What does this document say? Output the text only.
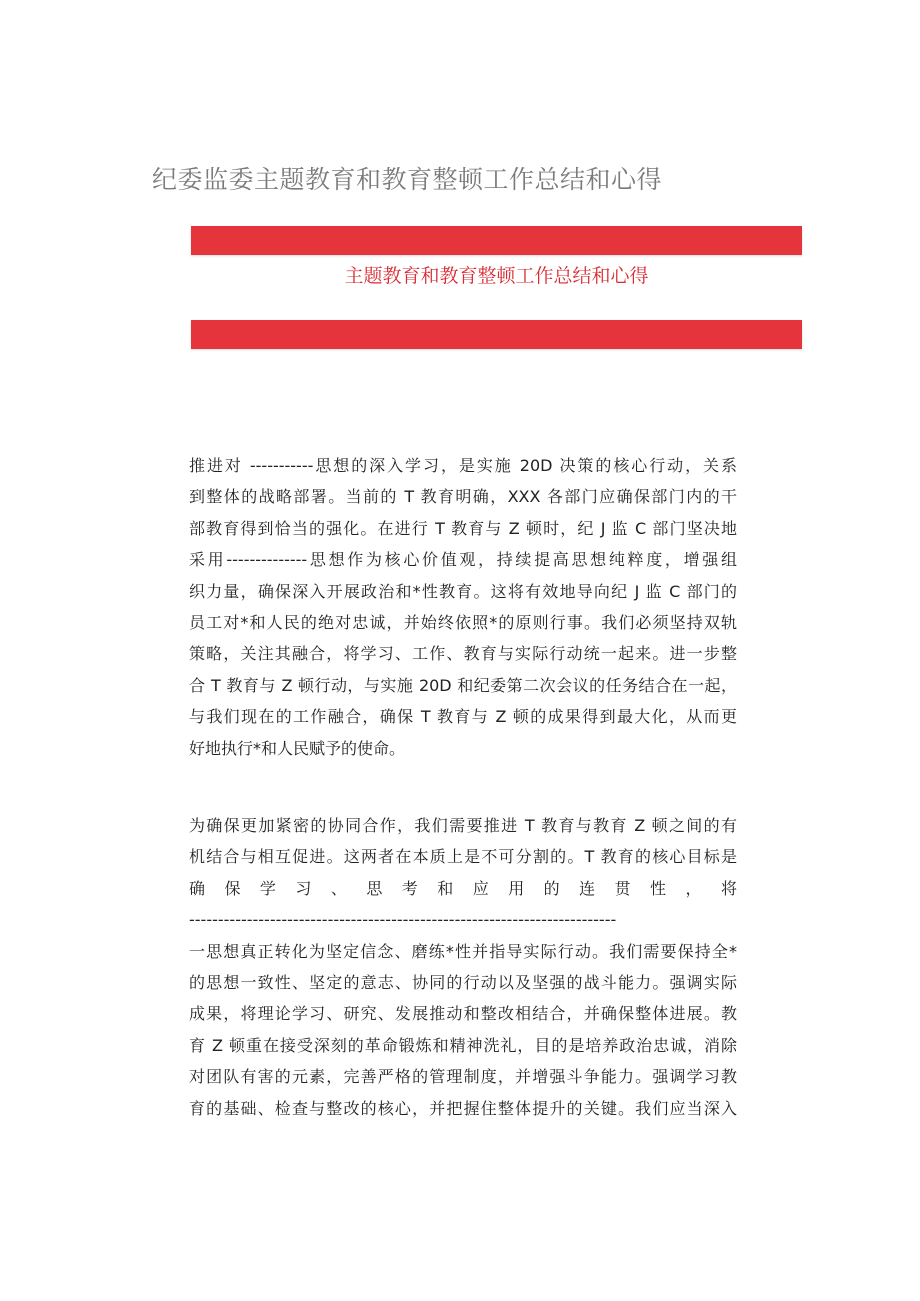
纪委监委主题教育和教育整顿工作总结和心得
主题教育和教育整顿工作总结和心得
推进对 -----------思想的深入学习，是实施 20D 决策的核心行动，关系
到整体的战略部署。当前的 T 教育明确，XXX 各部门应确保部门内的干
部教育得到恰当的强化。在进行 T 教育与 Z 顿时，纪 J 监 C 部门坚决地
采用--------------思想作为核心价值观，持续提高思想纯粹度，增强组
织力量，确保深入开展政治和*性教育。这将有效地导向纪 J 监 C 部门的
员工对*和人民的绝对忠诚，并始终依照*的原则行事。我们必须坚持双轨
策略，关注其融合，将学习、工作、教育与实际行动统一起来。进一步整
合 T 教育与 Z 顿行动，与实施 20D 和纪委第二次会议的任务结合在一起，
与我们现在的工作融合，确保 T 教育与 Z 顿的成果得到最大化，从而更
好地执行*和人民赋予的使命。
为确保更加紧密的协同合作，我们需要推进 T 教育与教育 Z 顿之间的有
机结合与相互促进。这两者在本质上是不可分割的。T 教育的核心目标是
确 保 学 习 、 思 考 和 应 用 的 连 贯 性 ， 将
--------------------------------------------------------------------------
一思想真正转化为坚定信念、磨练*性并指导实际行动。我们需要保持全*
的思想一致性、坚定的意志、协同的行动以及坚强的战斗能力。强调实际
成果，将理论学习、研究、发展推动和整改相结合，并确保整体进展。教
育 Z 顿重在接受深刻的革命锻炼和精神洗礼，目的是培养政治忠诚，消除
对团队有害的元素，完善严格的管理制度，并增强斗争能力。强调学习教
育的基础、检查与整改的核心，并把握住整体提升的关键。我们应当深入
